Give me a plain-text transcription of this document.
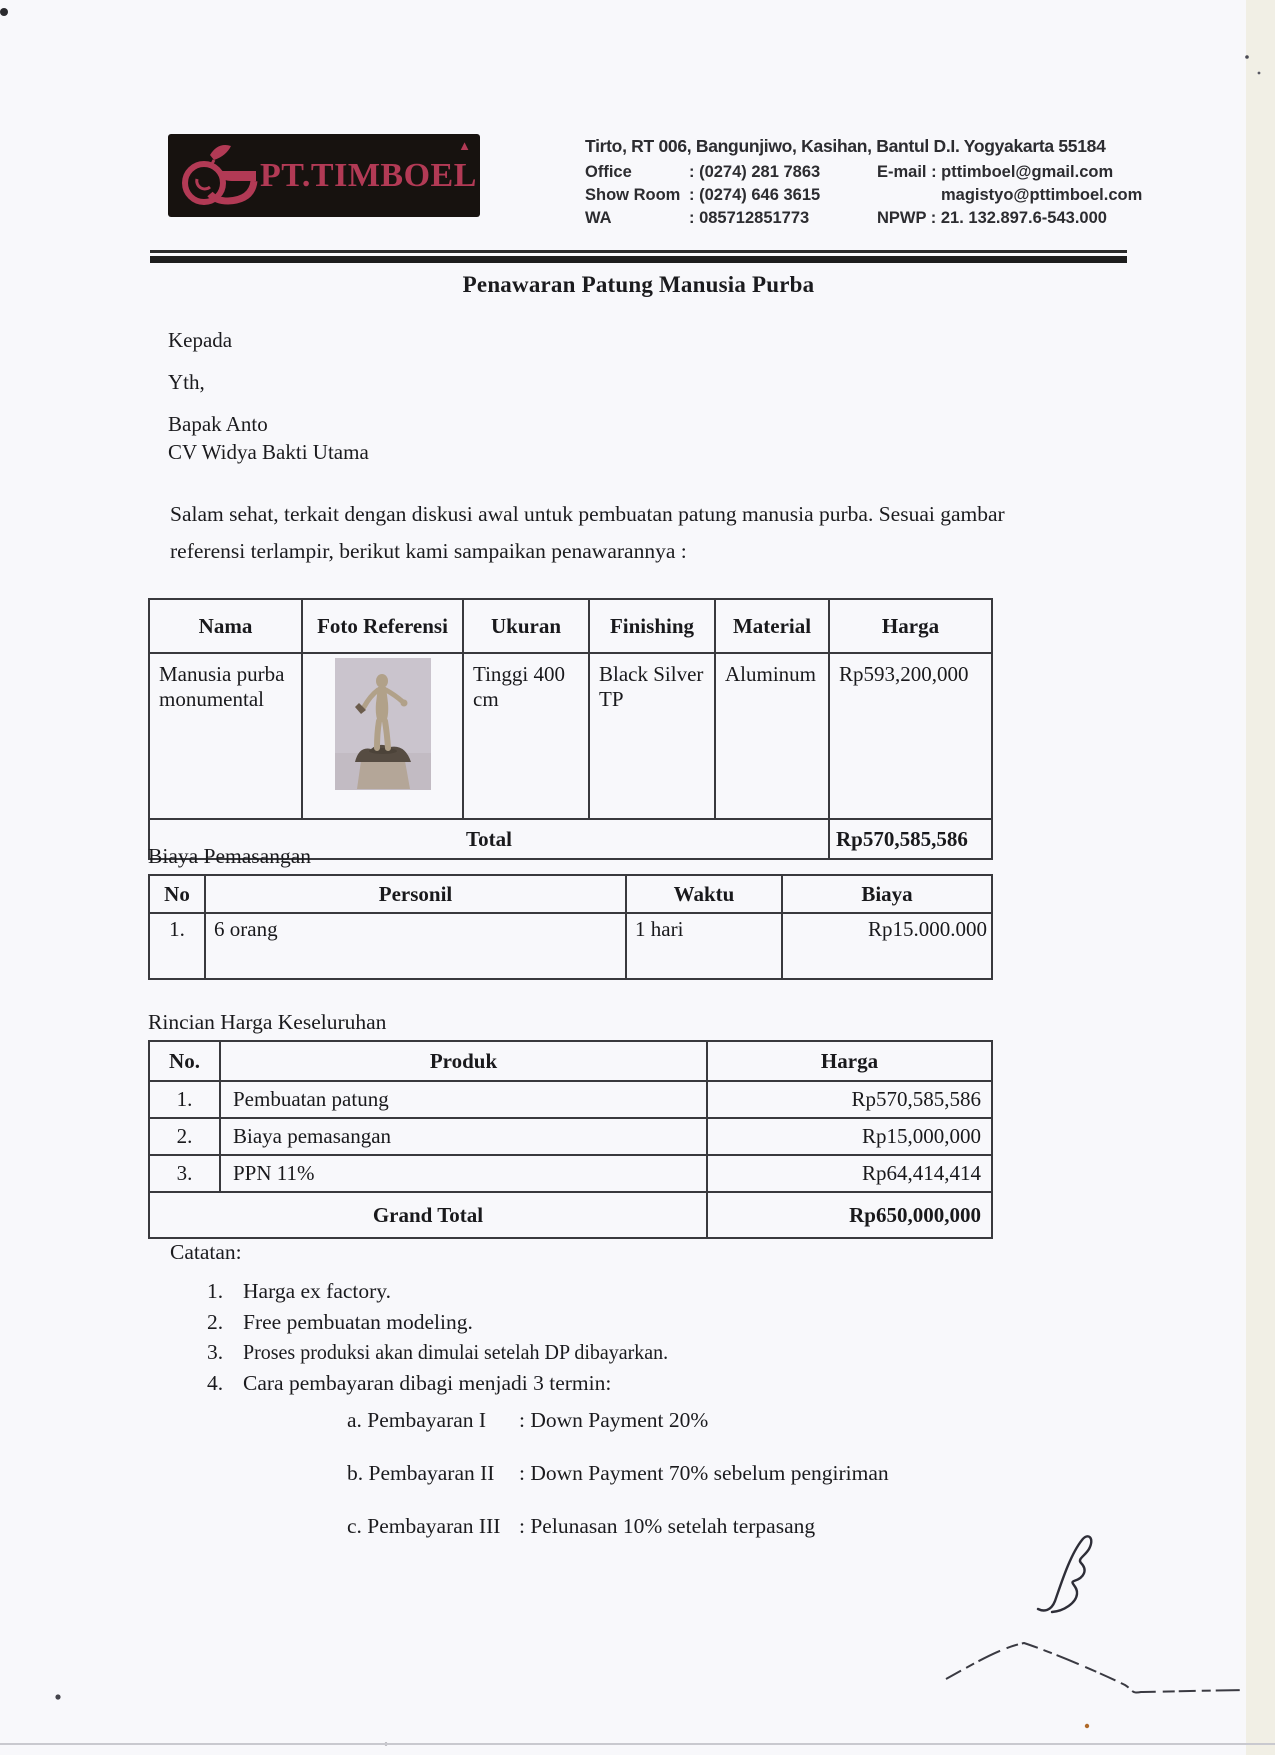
PT.TIMBOEL
▲	Tirto, RT 006, Bangunjiwo, Kasihan, Bantul D.I. Yogyakarta 55184
Office	: (0274) 281 7863
Show Room : (0274) 646 3615
WA	: 085712851773
E-mail : pttimboel@gmail.com
magistyo@pttimboel.com
NPWP : 21. 132.897.6-543.000
Penawaran Patung Manusia Purba
Kepada
Yth,
Bapak Anto
CV Widya Bakti Utama
Salam sehat, terkait dengan diskusi awal untuk pembuatan patung manusia purba. Sesuai gambar referensi terlampir, berikut kami sampaikan penawarannya :
Nama	Foto Referensi	Ukuran	Finishing	Material	Harga
Manusia purba monumental		Tinggi 400 cm	Black Silver TP	Aluminum	Rp593,200,000
Total					Rp570,585,586
Biaya Pemasangan
No	Personil	Waktu	Biaya
1.	6 orang	1 hari	Rp15.000.000
Rincian Harga Keseluruhan
No.	Produk	Harga
1.	Pembuatan patung	Rp570,585,586
2.	Biaya pemasangan	Rp15,000,000
3.	PPN 11%	Rp64,414,414
Grand Total		Rp650,000,000
Catatan:
1. Harga ex factory.
2. Free pembuatan modeling.
3. Proses produksi akan dimulai setelah DP dibayarkan.
4. Cara pembayaran dibagi menjadi 3 termin:
a. Pembayaran I	: Down Payment 20%
b. Pembayaran II	: Down Payment 70% sebelum pengiriman
c. Pembayaran III : Pelunasan 10% setelah terpasang
